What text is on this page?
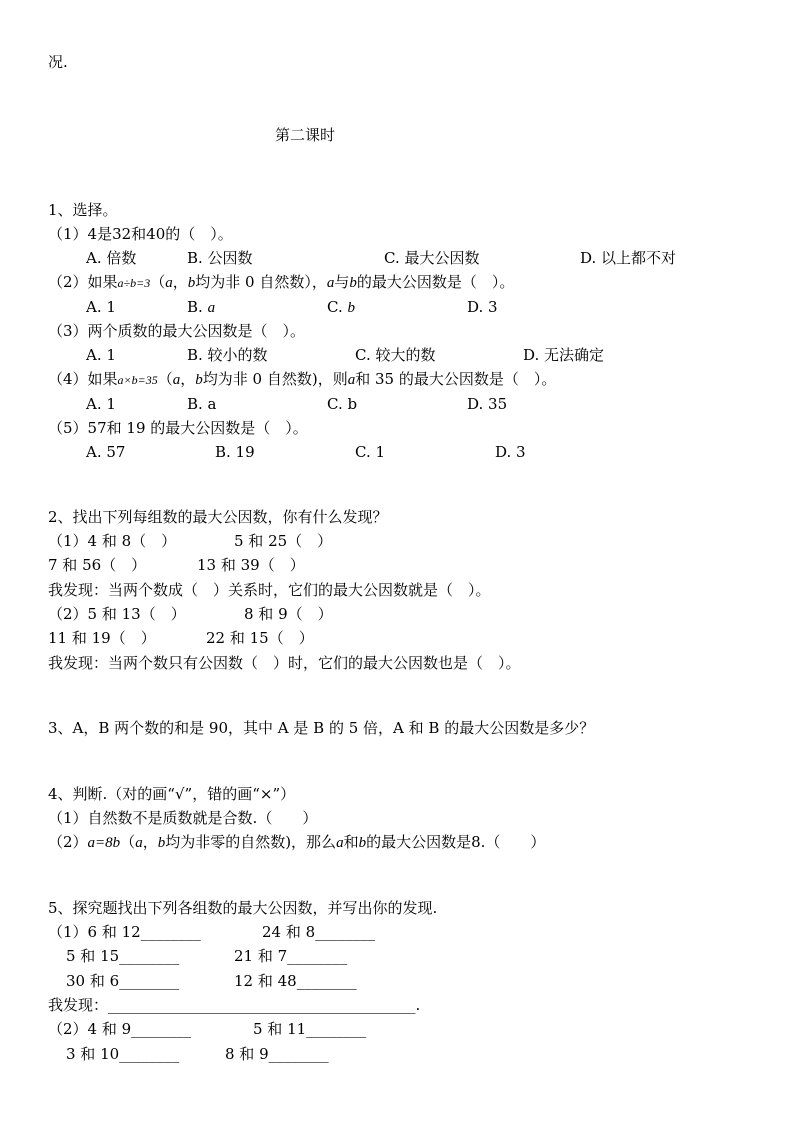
况.
第二课时
1、选择。
（1）4是32和40的（　）。
A. 倍数	B. 公因数	C. 最大公因数	D. 以上都不对
（2）如果a÷b=3（a，b均为非 0 自然数），a与b的最大公因数是（　）。
A. 1	B. a	C. b	D. 3
（3）两个质数的最大公因数是（　）。
A. 1	B. 较小的数	C. 较大的数	D. 无法确定
（4）如果a×b=35（a，b均为非 0 自然数)，则a和 35 的最大公因数是（　）。
A. 1	B. a	C. b	D. 35
（5）57和 19 的最大公因数是（　）。
A. 57	B. 19	C. 1	D. 3
2、找出下列每组数的最大公因数，你有什么发现？
（1）4 和 8（　）	5 和 25（　）
7 和 56（　）	13 和 39（　）
我发现：当两个数成（　）关系时，它们的最大公因数就是（　）。
（2）5 和 13（　）	8 和 9（　）
11 和 19（　）	22 和 15（　）
我发现：当两个数只有公因数（　）时，它们的最大公因数也是（　）。
3、A，B 两个数的和是 90，其中 A 是 B 的 5 倍，A 和 B 的最大公因数是多少？
4、判断.（对的画“√”，错的画“×”）
（1）自然数不是质数就是合数.（　　）
（2）a=8b（a，b均为非零的自然数)，那么a和b的最大公因数是8.（　　）
5、探究题找出下列各组数的最大公因数，并写出你的发现.
（1）6 和 12________	24 和 8________
5 和 15________	21 和 7________
30 和 6________	12 和 48________
我发现：_________________________________________.
（2）4 和 9________	5 和 11________
3 和 10________	8 和 9________
